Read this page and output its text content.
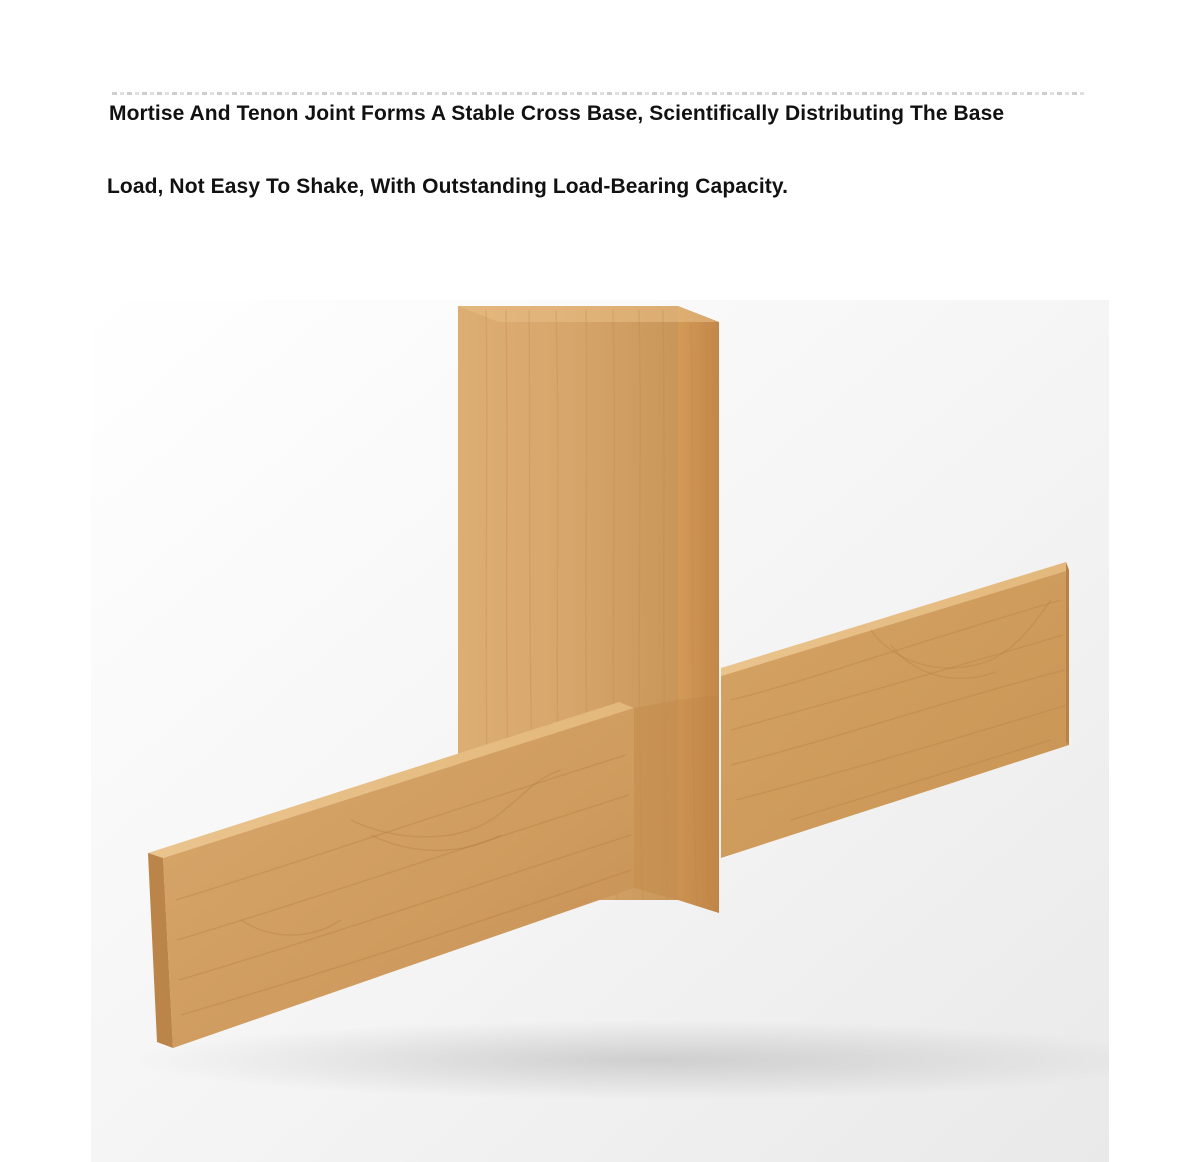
Mortise And Tenon Joint Forms A Stable Cross Base, Scientifically Distributing The Base

Load, Not Easy To Shake, With Outstanding Load-Bearing Capacity.
